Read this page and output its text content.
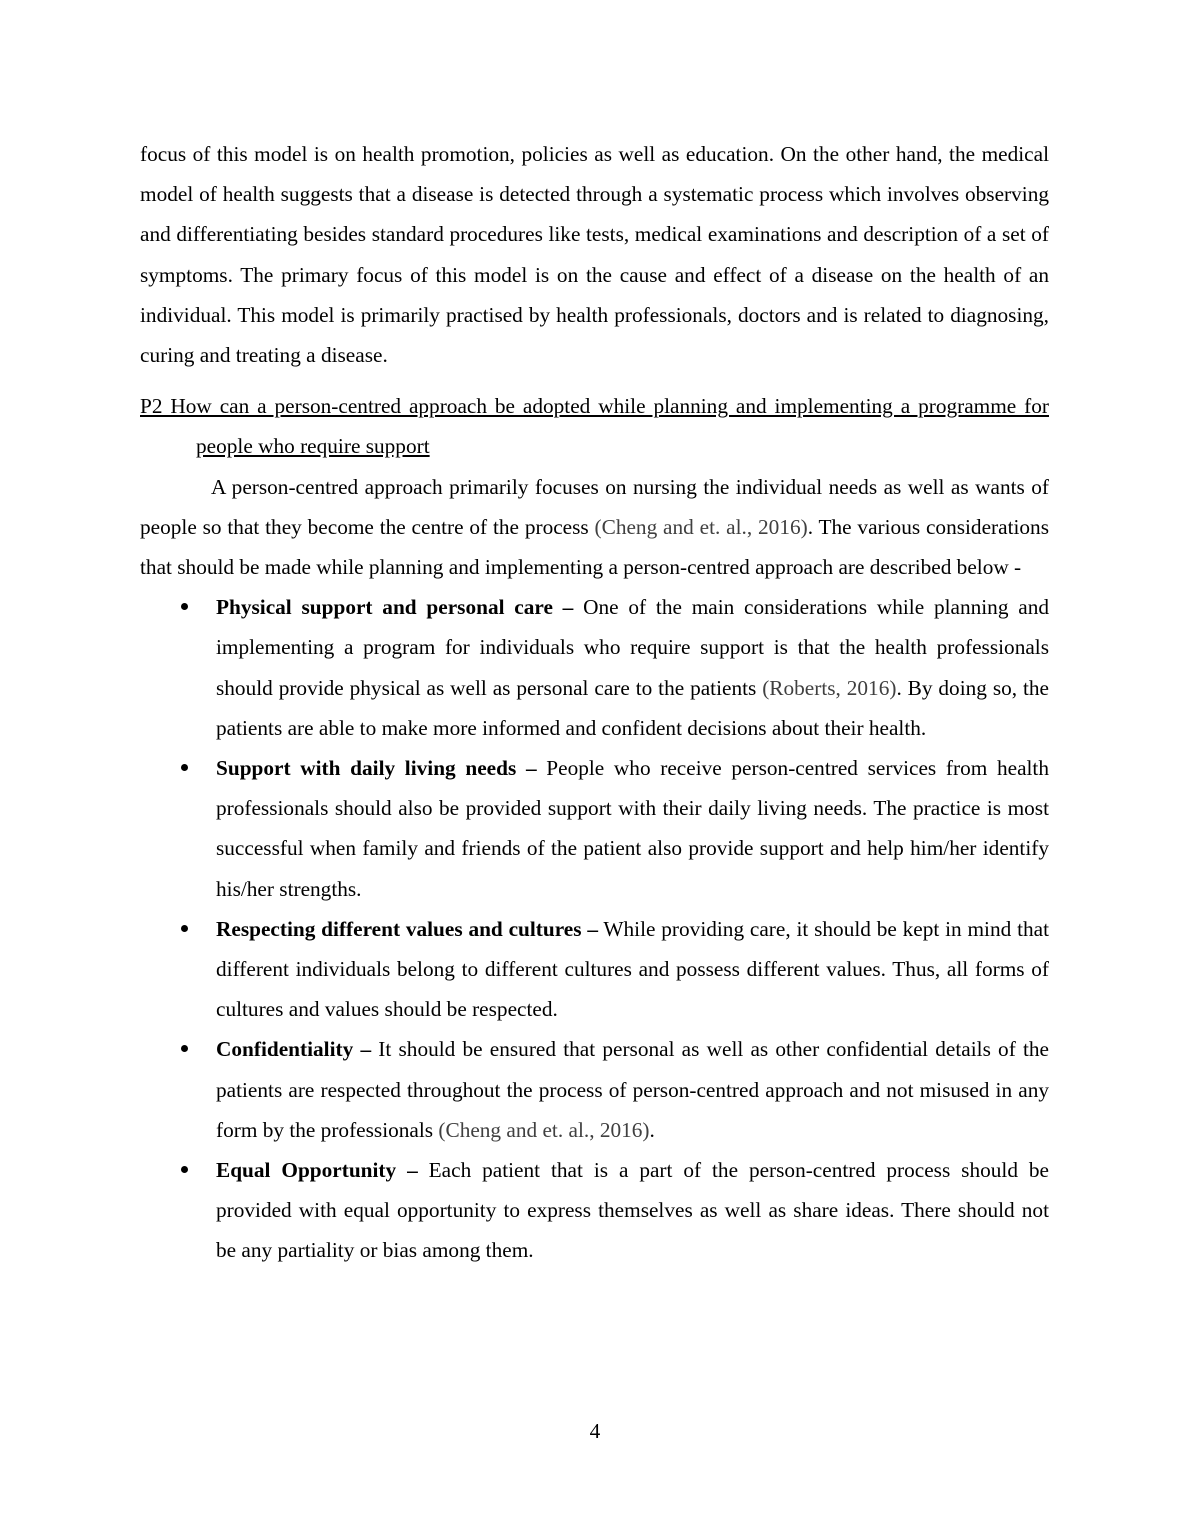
focus of this model is on health promotion, policies as well as education. On the other hand, the medical model of health suggests that a disease is detected through a systematic process which involves observing and differentiating besides standard procedures like tests, medical examinations and description of a set of symptoms. The primary focus of this model is on the cause and effect of a disease on the health of an individual. This model is primarily practised by health professionals, doctors and is related to diagnosing, curing and treating a disease.

P2 How can a person-centred approach be adopted while planning and implementing a programme for people who require support

A person-centred approach primarily focuses on nursing the individual needs as well as wants of people so that they become the centre of the process (Cheng and et. al., 2016). The various considerations that should be made while planning and implementing a person-centred approach are described below -

Physical support and personal care – One of the main considerations while planning and implementing a program for individuals who require support is that the health professionals should provide physical as well as personal care to the patients (Roberts, 2016). By doing so, the patients are able to make more informed and confident decisions about their health.
Support with daily living needs – People who receive person-centred services from health professionals should also be provided support with their daily living needs. The practice is most successful when family and friends of the patient also provide support and help him/her identify his/her strengths.
Respecting different values and cultures – While providing care, it should be kept in mind that different individuals belong to different cultures and possess different values. Thus, all forms of cultures and values should be respected.
Confidentiality – It should be ensured that personal as well as other confidential details of the patients are respected throughout the process of person-centred approach and not misused in any form by the professionals (Cheng and et. al., 2016).
Equal Opportunity – Each patient that is a part of the person-centred process should be provided with equal opportunity to express themselves as well as share ideas. There should not be any partiality or bias among them.
4
